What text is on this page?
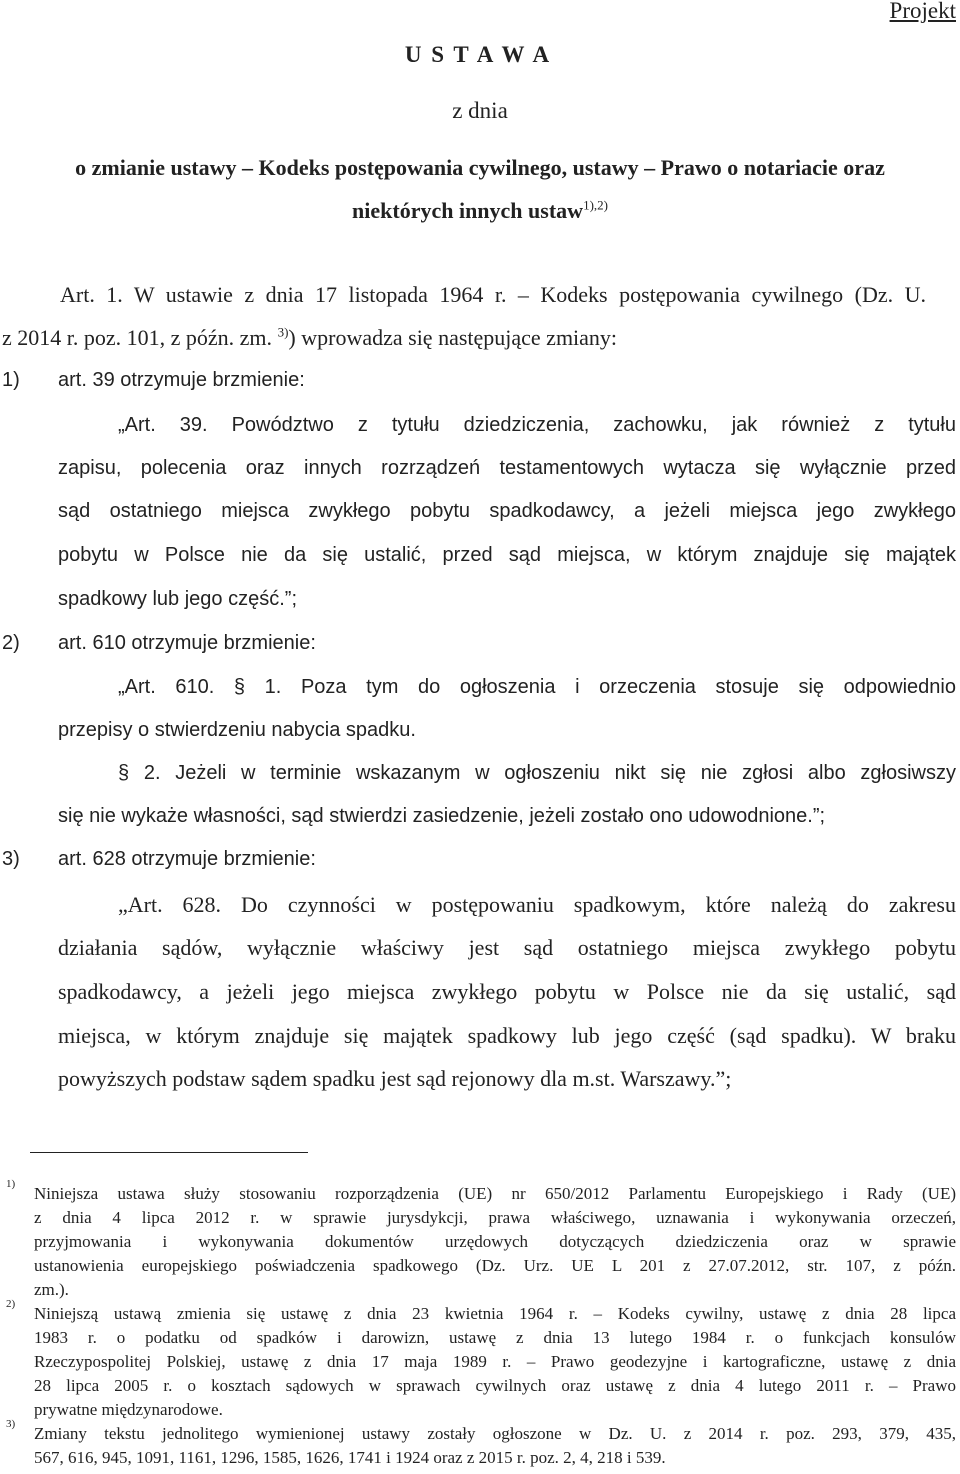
Projekt
U S T A W A
z dnia
o zmianie ustawy – Kodeks postępowania cywilnego, ustawy – Prawo o notariacie oraz
niektórych innych ustaw$^{1),2)}$
Art. 1. W ustawie z dnia 17 listopada 1964 r. – Kodeks postępowania cywilnego (Dz. U.
z 2014 r. poz. 101, z późn. zm. $^{3)}$) wprowadza się następujące zmiany:
1) art. 39 otrzymuje brzmienie:
„Art. 39. Powództwo z tytułu dziedziczenia, zachowku, jak również z tytułu
zapisu, polecenia oraz innych rozrządzeń testamentowych wytacza się wyłącznie przed
sąd ostatniego miejsca zwykłego pobytu spadkodawcy, a jeżeli miejsca jego zwykłego
pobytu w Polsce nie da się ustalić, przed sąd miejsca, w którym znajduje się majątek
spadkowy lub jego część.”;
2) art. 610 otrzymuje brzmienie:
„Art. 610. § 1. Poza tym do ogłoszenia i orzeczenia stosuje się odpowiednio
przepisy o stwierdzeniu nabycia spadku.
§ 2. Jeżeli w terminie wskazanym w ogłoszeniu nikt się nie zgłosi albo zgłosiwszy
się nie wykaże własności, sąd stwierdzi zasiedzenie, jeżeli zostało ono udowodnione.”;
3) art. 628 otrzymuje brzmienie:
„Art. 628. Do czynności w postępowaniu spadkowym, które należą do zakresu
działania sądów, wyłącznie właściwy jest sąd ostatniego miejsca zwykłego pobytu
spadkodawcy, a jeżeli jego miejsca zwykłego pobytu w Polsce nie da się ustalić, sąd
miejsca, w którym znajduje się majątek spadkowy lub jego część (sąd spadku). W braku
powyższych podstaw sądem spadku jest sąd rejonowy dla m.st. Warszawy.”;
1) Niniejsza ustawa służy stosowaniu rozporządzenia (UE) nr 650/2012 Parlamentu Europejskiego i Rady (UE)
z dnia 4 lipca 2012 r. w sprawie jurysdykcji, prawa właściwego, uznawania i wykonywania orzeczeń,
przyjmowania i wykonywania dokumentów urzędowych dotyczących dziedziczenia oraz w sprawie
ustanowienia europejskiego poświadczenia spadkowego (Dz. Urz. UE L 201 z 27.07.2012, str. 107, z późn.
zm.).
2) Niniejszą ustawą zmienia się ustawę z dnia 23 kwietnia 1964 r. – Kodeks cywilny, ustawę z dnia 28 lipca
1983 r. o podatku od spadków i darowizn, ustawę z dnia 13 lutego 1984 r. o funkcjach konsulów
Rzeczypospolitej Polskiej, ustawę z dnia 17 maja 1989 r. – Prawo geodezyjne i kartograficzne, ustawę z dnia
28 lipca 2005 r. o kosztach sądowych w sprawach cywilnych oraz ustawę z dnia 4 lutego 2011 r. – Prawo
prywatne międzynarodowe.
3) Zmiany tekstu jednolitego wymienionej ustawy zostały ogłoszone w Dz. U. z 2014 r. poz. 293, 379, 435,
567, 616, 945, 1091, 1161, 1296, 1585, 1626, 1741 i 1924 oraz z 2015 r. poz. 2, 4, 218 i 539.
